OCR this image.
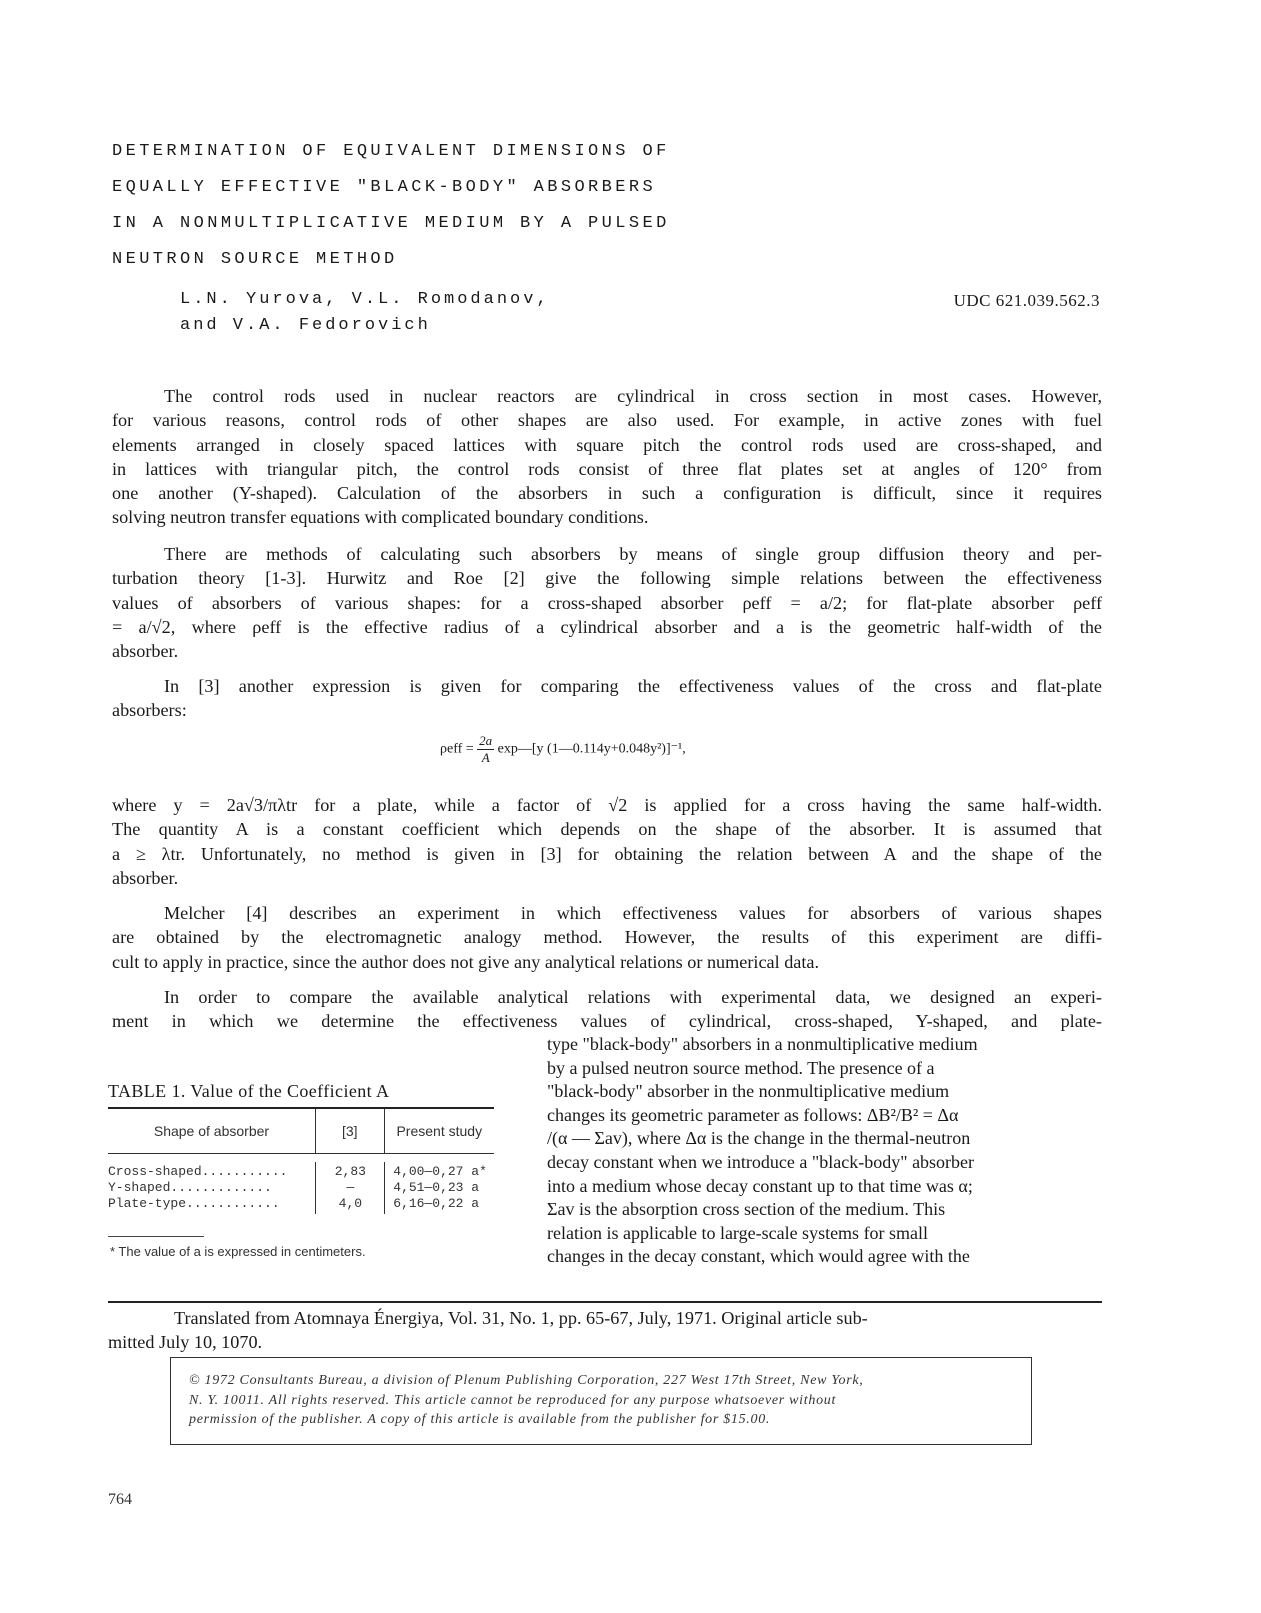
DETERMINATION OF EQUIVALENT DIMENSIONS OF
EQUALLY EFFECTIVE "BLACK-BODY" ABSORBERS
IN A NONMULTIPLICATIVE MEDIUM BY A PULSED
NEUTRON SOURCE METHOD
L.N. Yurova, V.L. Romodanov,
and V.A. Fedorovich
UDC 621.039.562.3
The control rods used in nuclear reactors are cylindrical in cross section in most cases. However,
for various reasons, control rods of other shapes are also used. For example, in active zones with fuel
elements arranged in closely spaced lattices with square pitch the control rods used are cross-shaped, and
in lattices with triangular pitch, the control rods consist of three flat plates set at angles of 120° from
one another (Y-shaped). Calculation of the absorbers in such a configuration is difficult, since it requires
solving neutron transfer equations with complicated boundary conditions.
There are methods of calculating such absorbers by means of single group diffusion theory and per-
turbation theory [1-3]. Hurwitz and Roe [2] give the following simple relations between the effectiveness
values of absorbers of various shapes: for a cross-shaped absorber ρeff = a/2; for flat-plate absorber ρeff
= a/√2, where ρeff is the effective radius of a cylindrical absorber and a is the geometric half-width of the
absorber.
In [3] another expression is given for comparing the effectiveness values of the cross and flat-plate
absorbers:
$\rho eff = \frac{2a}{A}$ exp—[y (1—0.114y+0.048y²)]⁻¹,
where y = 2a√3/πλtr for a plate, while a factor of √2 is applied for a cross having the same half-width.
The quantity A is a constant coefficient which depends on the shape of the absorber. It is assumed that
a ≥ λtr. Unfortunately, no method is given in [3] for obtaining the relation between A and the shape of the
absorber.
Melcher [4] describes an experiment in which effectiveness values for absorbers of various shapes
are obtained by the electromagnetic analogy method. However, the results of this experiment are diffi-
cult to apply in practice, since the author does not give any analytical relations or numerical data.
In order to compare the available analytical relations with experimental data, we designed an experi-
ment in which we determine the effectiveness values of cylindrical, cross-shaped, Y-shaped, and plate-
type "black-body" absorbers in a nonmultiplicative medium
by a pulsed neutron source method. The presence of a
"black-body" absorber in the nonmultiplicative medium
changes its geometric parameter as follows: ΔB²/B² = Δα
/(α — Σav), where Δα is the change in the thermal-neutron
decay constant when we introduce a "black-body" absorber
into a medium whose decay constant up to that time was α;
Σav is the absorption cross section of the medium. This
relation is applicable to large-scale systems for small
changes in the decay constant, which would agree with the
TABLE 1. Value of the Coefficient A
Shape of absorber	[3]	Present study
Cross-shaped...........
Y-shaped.............
Plate-type............
2,83
—
4,0
4,00—0,27 a*
4,51—0,23 a
6,16—0,22 a
* The value of a is expressed in centimeters.
Translated from Atomnaya Énergiya, Vol. 31, No. 1, pp. 65-67, July, 1971. Original article sub-
mitted July 10, 1070.
© 1972 Consultants Bureau, a division of Plenum Publishing Corporation, 227 West 17th Street, New York,
N. Y. 10011. All rights reserved. This article cannot be reproduced for any purpose whatsoever without
permission of the publisher. A copy of this article is available from the publisher for $15.00.
764
